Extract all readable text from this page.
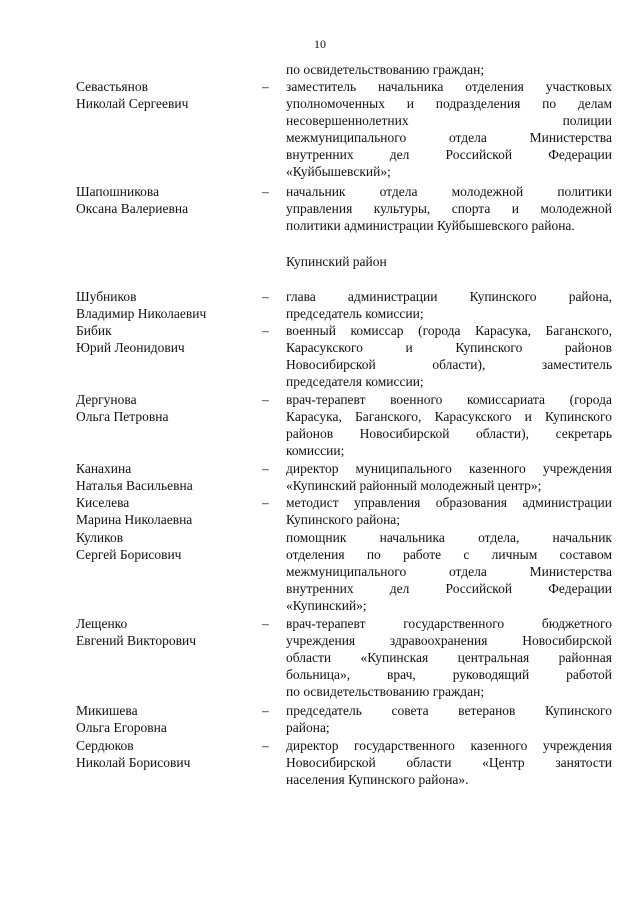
10
по освидетельствованию граждан;
Севастьянов
Николай Сергеевич
– заместитель начальника отделения участковых
уполномоченных и подразделения по делам
несовершеннолетних полиции
межмуниципального отдела Министерства
внутренних дел Российской Федерации
«Куйбышевский»;
Шапошникова
Оксана Валериевна
– начальник отдела молодежной политики
управления культуры, спорта и молодежной
политики администрации Куйбышевского района.
Купинский район
Шубников
Владимир Николаевич
– глава администрации Купинского района,
председатель комиссии;
Бибик
Юрий Леонидович
– военный комиссар (города Карасука, Баганского,
Карасукского и Купинского районов
Новосибирской области), заместитель
председателя комиссии;
Дергунова
Ольга Петровна
– врач-терапевт военного комиссариата (города
Карасука, Баганского, Карасукского и Купинского
районов Новосибирской области), секретарь
комиссии;
Канахина
Наталья Васильевна
– директор муниципального казенного учреждения
«Купинский районный молодежный центр»;
Киселева
Марина Николаевна
– методист управления образования администрации
Купинского района;
Куликов
Сергей Борисович
помощник начальника отдела, начальник
отделения по работе с личным составом
межмуниципального отдела Министерства
внутренних дел Российской Федерации
«Купинский»;
Лещенко
Евгений Викторович
– врач-терапевт государственного бюджетного
учреждения здравоохранения Новосибирской
области «Купинская центральная районная
больница», врач, руководящий работой
по освидетельствованию граждан;
Микишева
Ольга Егоровна
– председатель совета ветеранов Купинского
района;
Сердюков
Николай Борисович
– директор государственного казенного учреждения
Новосибирской области «Центр занятости
населения Купинского района».
